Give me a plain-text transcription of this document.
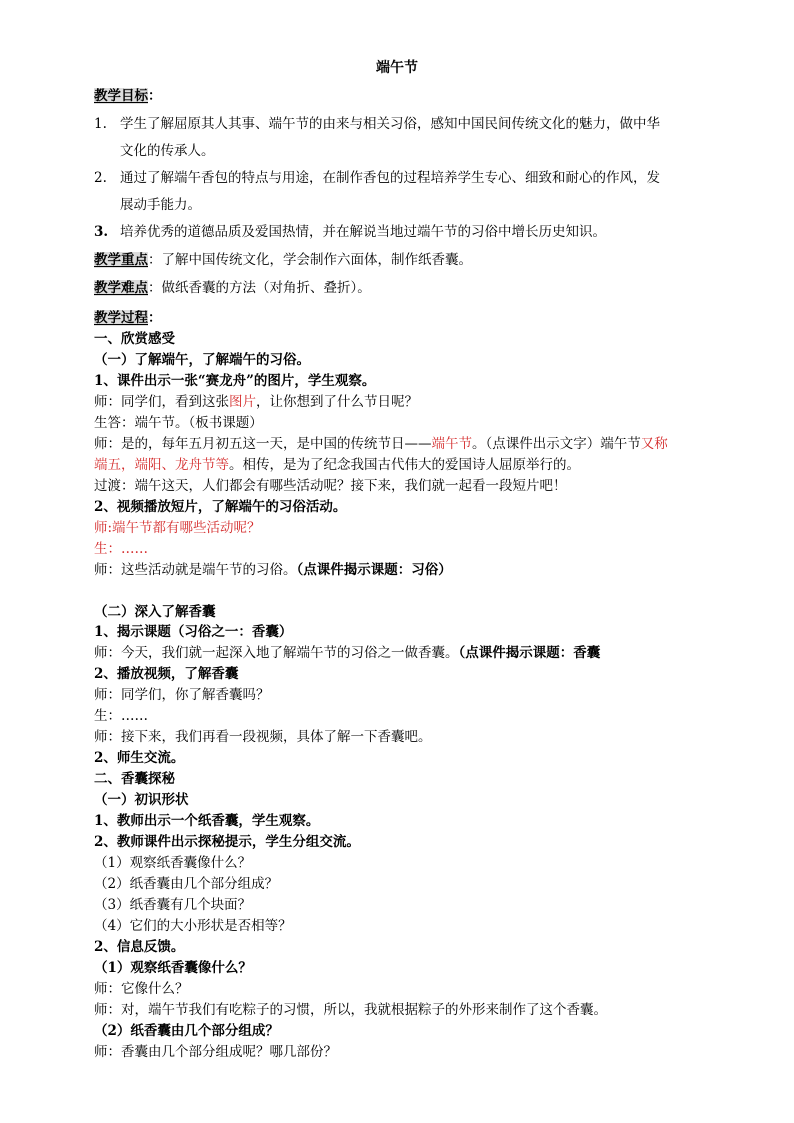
端午节
教学目标：
1. 学生了解屈原其人其事、端午节的由来与相关习俗，感知中国民间传统文化的魅力，做中华
文化的传承人。
2. 通过了解端午香包的特点与用途，在制作香包的过程培养学生专心、细致和耐心的作风，发
展动手能力。
3. 培养优秀的道德品质及爱国热情，并在解说当地过端午节的习俗中增长历史知识。
教学重点：了解中国传统文化，学会制作六面体，制作纸香囊。
教学难点：做纸香囊的方法（对角折、叠折）。
教学过程：
一、欣赏感受
（一）了解端午，了解端午的习俗。
1、课件出示一张“赛龙舟”的图片，学生观察。
师：同学们，看到这张图片，让你想到了什么节日呢？
生答：端午节。（板书课题）
师：是的，每年五月初五这一天，是中国的传统节日——端午节。（点课件出示文字）端午节又称
端五，端阳、龙舟节等。相传，是为了纪念我国古代伟大的爱国诗人屈原举行的。
过渡：端午这天，人们都会有哪些活动呢？接下来，我们就一起看一段短片吧！
2、视频播放短片，了解端午的习俗活动。
师:端午节都有哪些活动呢？
生：……
师：这些活动就是端午节的习俗。（点课件揭示课题：习俗）
（二）深入了解香囊
1、揭示课题（习俗之一：香囊）
师：今天，我们就一起深入地了解端午节的习俗之一做香囊。（点课件揭示课题：香囊
2、播放视频，了解香囊
师：同学们，你了解香囊吗？
生：……
师：接下来，我们再看一段视频，具体了解一下香囊吧。
2、师生交流。
二、香囊探秘
（一）初识形状
1、教师出示一个纸香囊，学生观察。
2、教师课件出示探秘提示，学生分组交流。
（1）观察纸香囊像什么？
（2）纸香囊由几个部分组成？
（3）纸香囊有几个块面？
（4）它们的大小形状是否相等？
2、信息反馈。
（1）观察纸香囊像什么？
师：它像什么？
师：对，端午节我们有吃粽子的习惯，所以，我就根据粽子的外形来制作了这个香囊。
（2）纸香囊由几个部分组成？
师：香囊由几个部分组成呢？哪几部份？
